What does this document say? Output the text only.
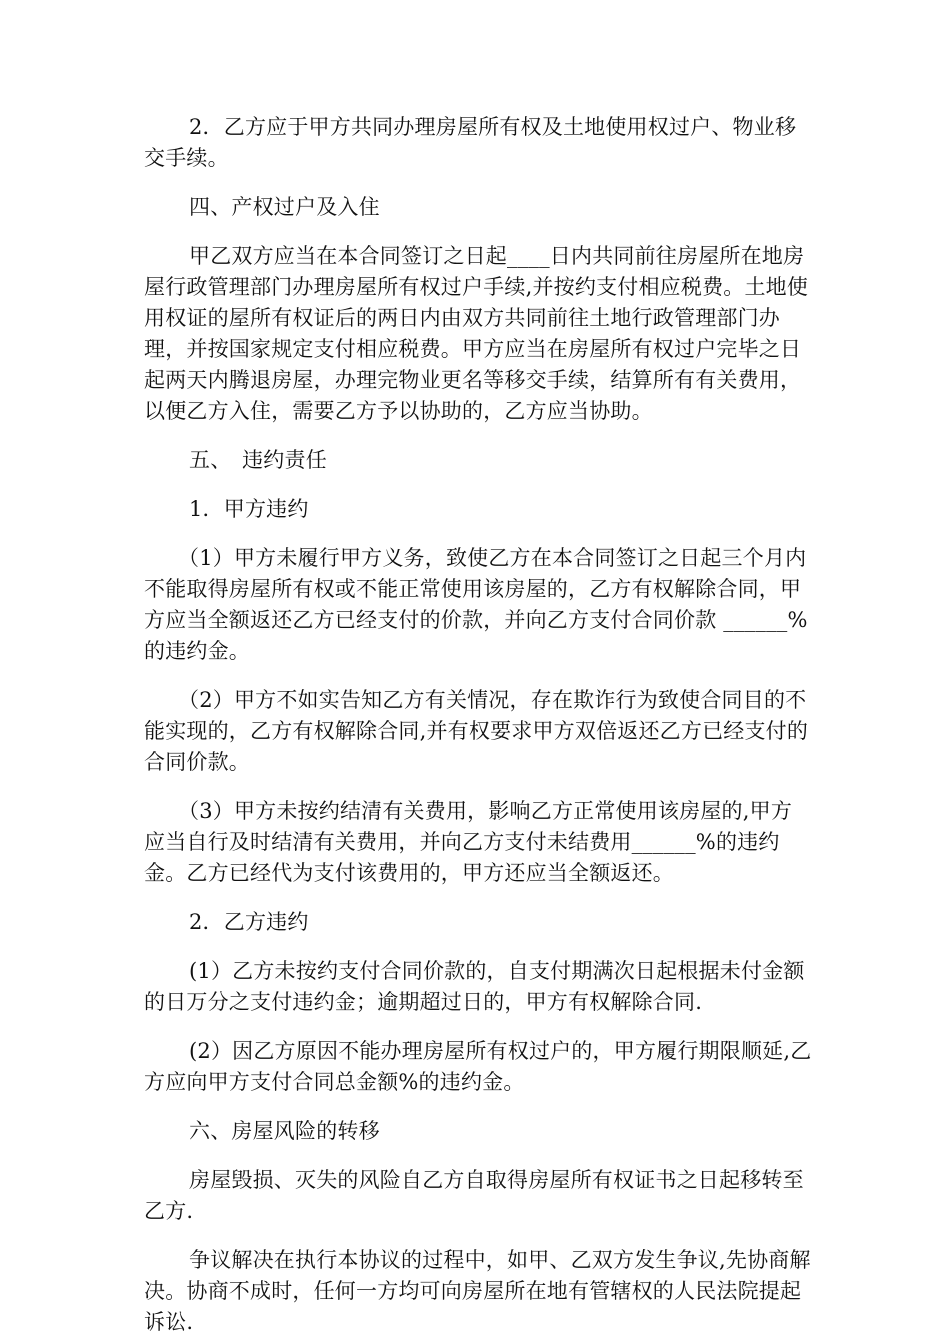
2．乙方应于甲方共同办理房屋所有权及土地使用权过户、物业移交手续。

四、产权过户及入住

甲乙双方应当在本合同签订之日起____日内共同前往房屋所在地房屋行政管理部门办理房屋所有权过户手续,并按约支付相应税费。土地使用权证的屋所有权证后的两日内由双方共同前往土地行政管理部门办理，并按国家规定支付相应税费。甲方应当在房屋所有权过户完毕之日起两天内腾退房屋，办理完物业更名等移交手续，结算所有有关费用，以便乙方入住，需要乙方予以协助的，乙方应当协助。

五、　违约责任

1．甲方违约

（1）甲方未履行甲方义务，致使乙方在本合同签订之日起三个月内不能取得房屋所有权或不能正常使用该房屋的，乙方有权解除合同，甲方应当全额返还乙方已经支付的价款，并向乙方支付合同价款 ______%的违约金。

（2）甲方不如实告知乙方有关情况，存在欺诈行为致使合同目的不能实现的，乙方有权解除合同,并有权要求甲方双倍返还乙方已经支付的合同价款。

（3）甲方未按约结清有关费用，影响乙方正常使用该房屋的,甲方应当自行及时结清有关费用，并向乙方支付未结费用______%的违约金。乙方已经代为支付该费用的，甲方还应当全额返还。

2．乙方违约

(1）乙方未按约支付合同价款的，自支付期满次日起根据未付金额的日万分之支付违约金；逾期超过日的，甲方有权解除合同.

(2）因乙方原因不能办理房屋所有权过户的，甲方履行期限顺延,乙方应向甲方支付合同总金额%的违约金。

六、房屋风险的转移

房屋毁损、灭失的风险自乙方自取得房屋所有权证书之日起移转至乙方.

争议解决在执行本协议的过程中，如甲、乙双方发生争议,先协商解决。协商不成时，任何一方均可向房屋所在地有管辖权的人民法院提起诉讼.
